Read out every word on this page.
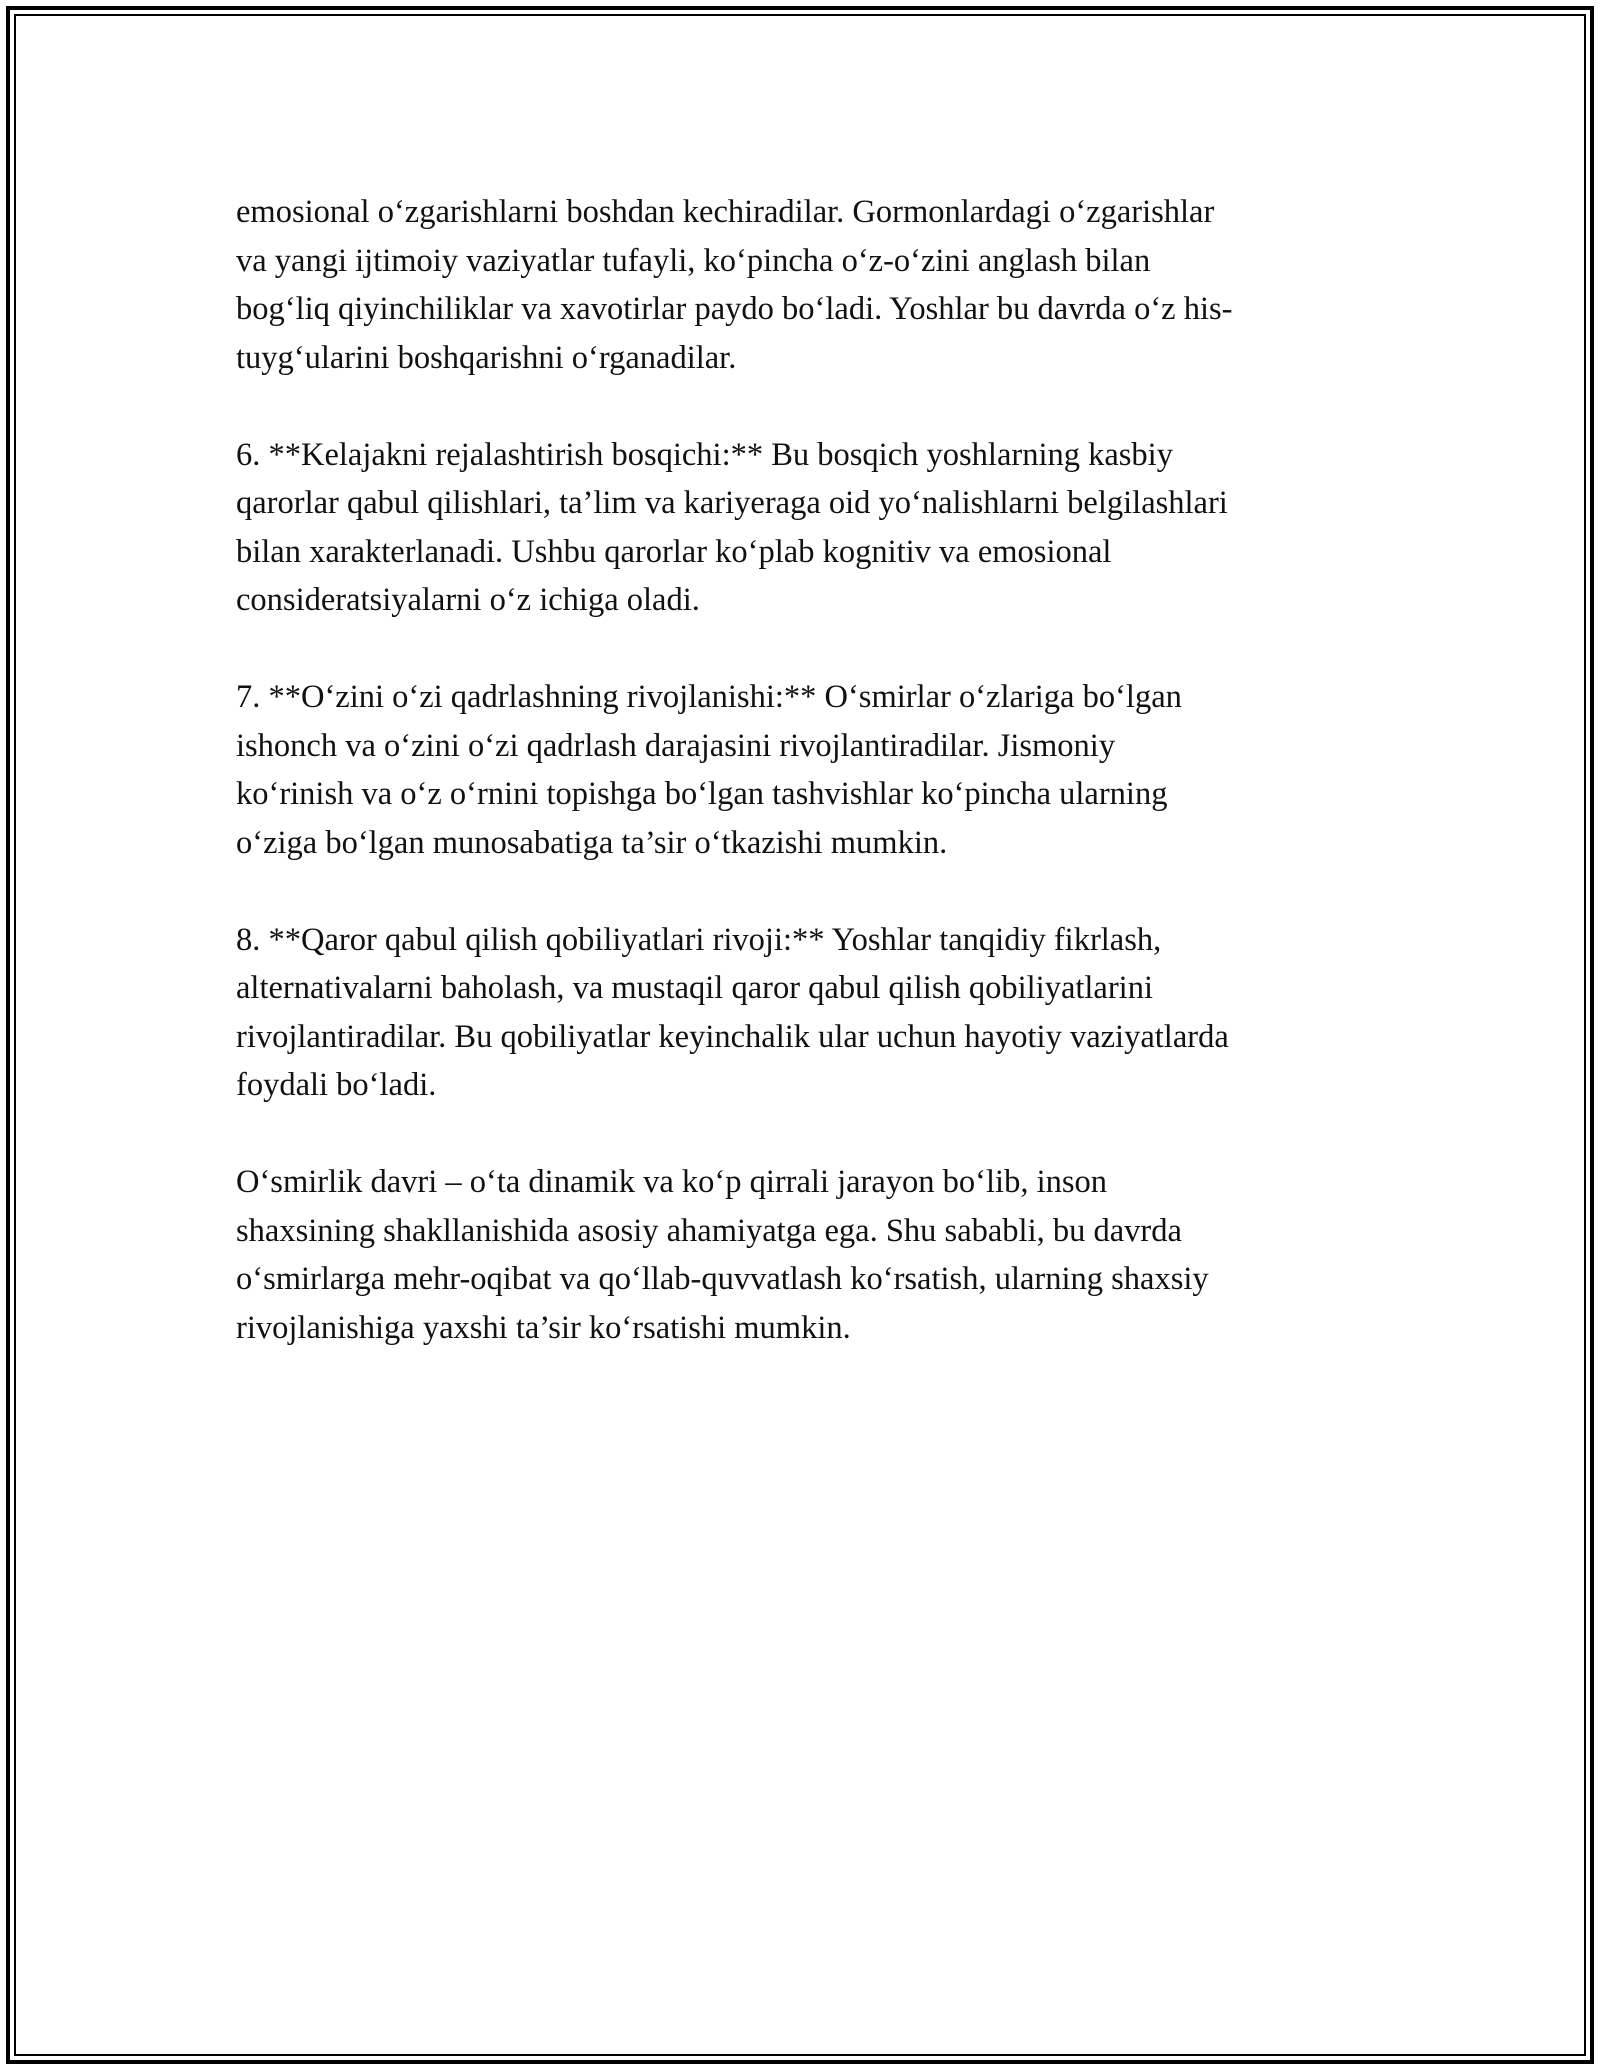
emosional o‘zgarishlarni boshdan kechiradilar. Gormonlardagi o‘zgarishlar
va yangi ijtimoiy vaziyatlar tufayli, ko‘pincha o‘z-o‘zini anglash bilan
bog‘liq qiyinchiliklar va xavotirlar paydo bo‘ladi. Yoshlar bu davrda o‘z his-
tuyg‘ularini boshqarishni o‘rganadilar.

6. **Kelajakni rejalashtirish bosqichi:** Bu bosqich yoshlarning kasbiy
qarorlar qabul qilishlari, ta’lim va kariyeraga oid yo‘nalishlarni belgilashlari
bilan xarakterlanadi. Ushbu qarorlar ko‘plab kognitiv va emosional
consideratsiyalarni o‘z ichiga oladi.

7. **O‘zini o‘zi qadrlashning rivojlanishi:** O‘smirlar o‘zlariga bo‘lgan
ishonch va o‘zini o‘zi qadrlash darajasini rivojlantiradilar. Jismoniy
ko‘rinish va o‘z o‘rnini topishga bo‘lgan tashvishlar ko‘pincha ularning
o‘ziga bo‘lgan munosabatiga ta’sir o‘tkazishi mumkin.

8. **Qaror qabul qilish qobiliyatlari rivoji:** Yoshlar tanqidiy fikrlash,
alternativalarni baholash, va mustaqil qaror qabul qilish qobiliyatlarini
rivojlantiradilar. Bu qobiliyatlar keyinchalik ular uchun hayotiy vaziyatlarda
foydali bo‘ladi.

O‘smirlik davri – o‘ta dinamik va ko‘p qirrali jarayon bo‘lib, inson
shaxsining shakllanishida asosiy ahamiyatga ega. Shu sababli, bu davrda
o‘smirlarga mehr-oqibat va qo‘llab-quvvatlash ko‘rsatish, ularning shaxsiy
rivojlanishiga yaxshi ta’sir ko‘rsatishi mumkin.
